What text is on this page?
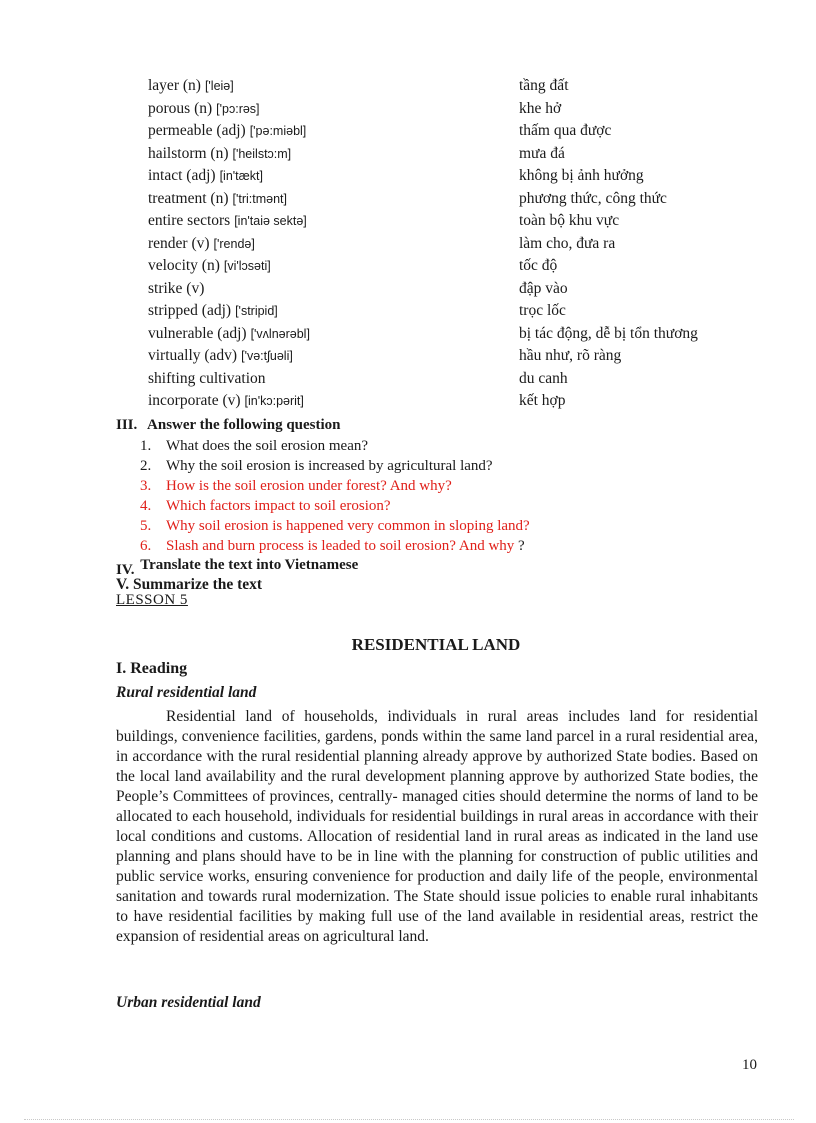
layer (n) ['leiə]	tầng đất
porous (n) ['pɔ:rəs]	khe hở
permeable (adj) ['pə:miəbl]	thấm qua được
hailstorm (n) ['heilstɔ:m]	mưa đá
intact (adj) [in'tækt]	không bị ảnh hưởng
treatment (n) ['tri:tmənt]	phương thức, công thức
entire sectors [in'taiə sektə]	toàn bộ khu vực
render (v) ['rendə]	làm cho, đưa ra
velocity (n) [vi'lɔsəti]	tốc độ
strike (v)	đập vào
stripped (adj) ['stripid]	trọc lốc
vulnerable (adj) ['vʌlnərəbl]	bị tác động, dễ bị tổn thương
virtually (adv) ['və:tʃuəli]	hầu như, rõ ràng
shifting cultivation	du canh
incorporate (v) [in'kɔ:pərit]	kết hợp
III. Answer the following question
1. What does the soil erosion mean?
2. Why the soil erosion is increased by agricultural land?
3. How is the soil erosion under forest? And why?
4. Which factors impact to soil erosion?
5. Why soil erosion is happened very common in sloping land?
6. Slash and burn process is leaded to soil erosion? And why ?
IV. Translate the text into Vietnamese
V. Summarize the text
LESSON 5
RESIDENTIAL LAND
I. Reading
Rural residential land
Residential land of households, individuals in rural areas includes land for residential buildings, convenience facilities, gardens, ponds within the same land parcel in a rural residential area, in accordance with the rural residential planning already approve by authorized State bodies. Based on the local land availability and the rural development planning approve by authorized State bodies, the People’s Committees of provinces, centrally- managed cities should determine the norms of land to be allocated to each household, individuals for residential buildings in rural areas in accordance with their local conditions and customs. Allocation of residential land in rural areas as indicated in the land use planning and plans should have to be in line with the planning for construction of public utilities and public service works, ensuring convenience for production and daily life of the people, environmental sanitation and towards rural modernization. The State should issue policies to enable rural inhabitants to have residential facilities by making full use of the land available in residential areas, restrict the expansion of residential areas on agricultural land.
Urban residential land
10
